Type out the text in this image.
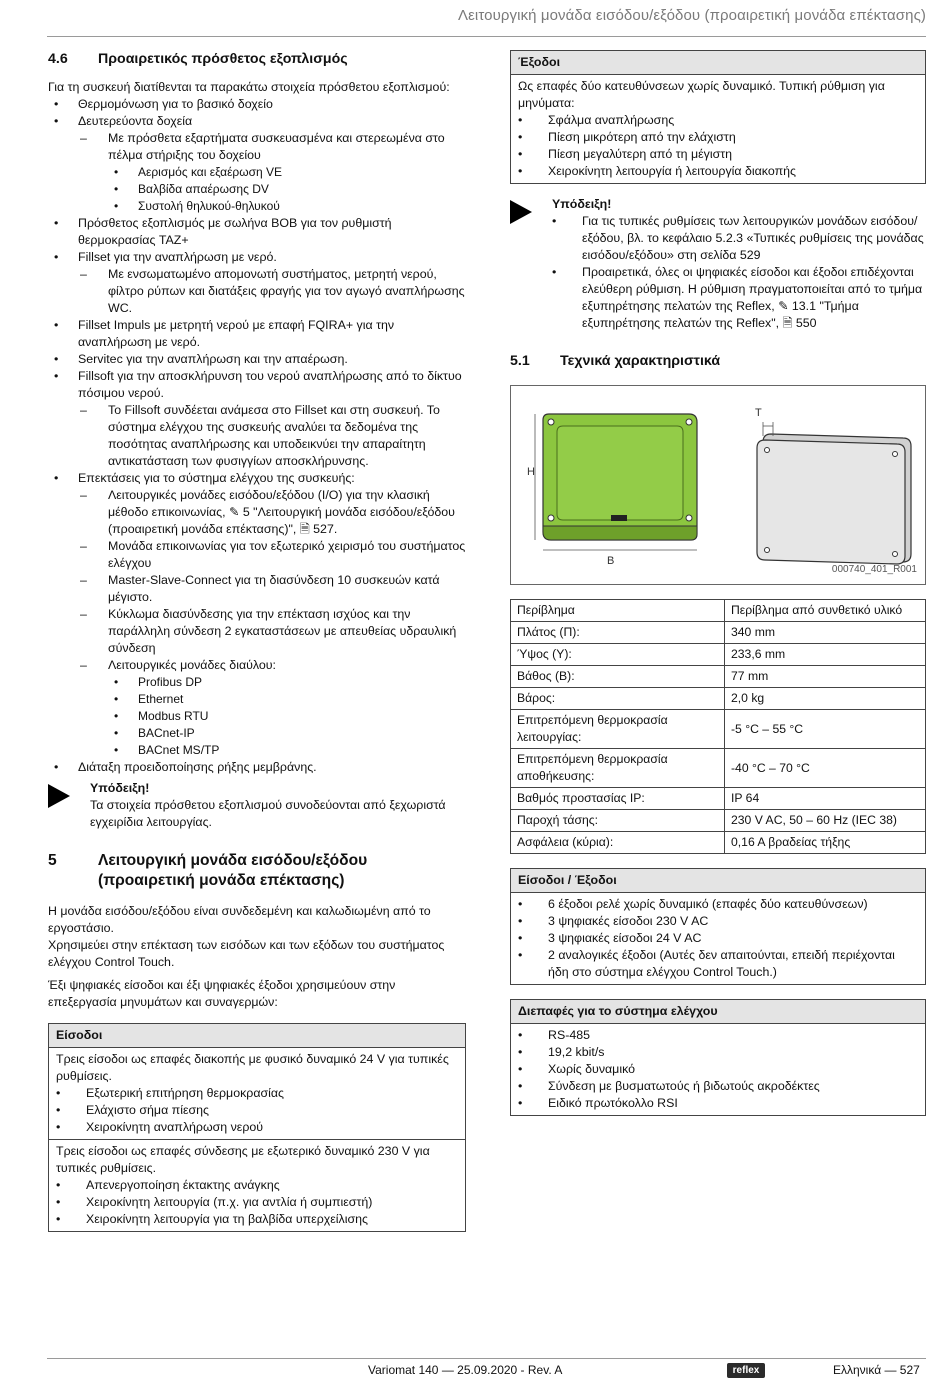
Λειτουργική μονάδα εισόδου/εξόδου (προαιρετική μονάδα επέκτασης)
4.6	Προαιρετικός πρόσθετος εξοπλισμός

Για τη συσκευή διατίθενται τα παρακάτω στοιχεία πρόσθετου εξοπλισμού:

• Θερμομόνωση για το βασικό δοχείο
• Δευτερεύοντα δοχεία
– Με πρόσθετα εξαρτήματα συσκευασμένα και στερεωμένα στο πέλμα στήριξης του δοχείου
• Αερισμός και εξαέρωση VE
• Βαλβίδα απαέρωσης DV
• Συστολή θηλυκού-θηλυκού
• Πρόσθετος εξοπλισμός με σωλήνα BOB για τον ρυθμιστή θερμοκρασίας TAZ+
• Fillset για την αναπλήρωση με νερό.
– Με ενσωματωμένο απομονωτή συστήματος, μετρητή νερού, φίλτρο ρύπων και διατάξεις φραγής για τον αγωγό αναπλήρωσης WC.
• Fillset Impuls με μετρητή νερού με επαφή FQIRA+ για την αναπλήρωση με νερό.
• Servitec για την αναπλήρωση και την απαέρωση.
• Fillsoft για την αποσκλήρυνση του νερού αναπλήρωσης από το δίκτυο πόσιμου νερού.
– Το Fillsoft συνδέεται ανάμεσα στο Fillset και στη συσκευή. Το σύστημα ελέγχου της συσκευής αναλύει τα δεδομένα της ποσότητας αναπλήρωσης και υποδεικνύει την απαραίτητη αντικατάσταση των φυσιγγίων αποσκλήρυνσης.
• Επεκτάσεις για το σύστημα ελέγχου της συσκευής:
– Λειτουργικές μονάδες εισόδου/εξόδου (I/O) για την κλασική μέθοδο επικοινωνίας, ✎ 5 "Λειτουργική μονάδα εισόδου/εξόδου (προαιρετική μονάδα επέκτασης)", 🗎 527.
– Μονάδα επικοινωνίας για τον εξωτερικό χειρισμό του συστήματος ελέγχου
– Master-Slave-Connect για τη διασύνδεση 10 συσκευών κατά μέγιστο.
– Κύκλωμα διασύνδεσης για την επέκταση ισχύος και την παράλληλη σύνδεση 2 εγκαταστάσεων με απευθείας υδραυλική σύνδεση
– Λειτουργικές μονάδες διαύλου:
• Profibus DP
• Ethernet
• Modbus RTU
• BACnet-IP
• BACnet MS/TP
• Διάταξη προειδοποίησης ρήξης μεμβράνης.
Υπόδειξη!
Τα στοιχεία πρόσθετου εξοπλισμού συνοδεύονται από ξεχωριστά εγχειρίδια λειτουργίας.
5	Λειτουργική μονάδα εισόδου/εξόδου (προαιρετική μονάδα επέκτασης)

Η μονάδα εισόδου/εξόδου είναι συνδεδεμένη και καλωδιωμένη από το εργοστάσιο.

Χρησιμεύει στην επέκταση των εισόδων και των εξόδων του συστήματος ελέγχου Control Touch.

Έξι ψηφιακές είσοδοι και έξι ψηφιακές έξοδοι χρησιμεύουν στην επεξεργασία μηνυμάτων και συναγερμών:

Είσοδοι
Τρεις είσοδοι ως επαφές διακοπής με φυσικό δυναμικό 24 V για τυπικές ρυθμίσεις.
• Εξωτερική επιτήρηση θερμοκρασίας
• Ελάχιστο σήμα πίεσης
• Χειροκίνητη αναπλήρωση νερού
Τρεις είσοδοι ως επαφές σύνδεσης με εξωτερικό δυναμικό 230 V για τυπικές ρυθμίσεις.
• Απενεργοποίηση έκτακτης ανάγκης
• Χειροκίνητη λειτουργία (π.χ. για αντλία ή συμπιεστή)
• Χειροκίνητη λειτουργία για τη βαλβίδα υπερχείλισης
Έξοδοι
Ως επαφές δύο κατευθύνσεων χωρίς δυναμικό. Τυπική ρύθμιση για μηνύματα:
• Σφάλμα αναπλήρωσης
• Πίεση μικρότερη από την ελάχιστη
• Πίεση μεγαλύτερη από τη μέγιστη
• Χειροκίνητη λειτουργία ή λειτουργία διακοπής
Υπόδειξη!
• Για τις τυπικές ρυθμίσεις των λειτουργικών μονάδων εισόδου/εξόδου, βλ. το κεφάλαιο 5.2.3 «Τυπικές ρυθμίσεις της μονάδας εισόδου/εξόδου» στη σελίδα 529
• Προαιρετικά, όλες οι ψηφιακές είσοδοι και έξοδοι επιδέχονται ελεύθερη ρύθμιση. Η ρύθμιση πραγματοποιείται από το τμήμα εξυπηρέτησης πελατών της Reflex, ✎ 13.1 "Τμήμα εξυπηρέτησης πελατών της Reflex", 🗎 550
5.1	Τεχνικά χαρακτηριστικά
H
B
T
000740_401_R001
Περίβλημα	Περίβλημα από συνθετικό υλικό
Πλάτος (Π):	340 mm
Ύψος (Υ):	233,6 mm
Βάθος (Β):	77 mm
Βάρος:	2,0 kg
Επιτρεπόμενη θερμοκρασία λειτουργίας:	-5 °C – 55 °C
Επιτρεπόμενη θερμοκρασία αποθήκευσης:	-40 °C – 70 °C
Βαθμός προστασίας IP:	IP 64
Παροχή τάσης:	230 V AC, 50 – 60 Hz (IEC 38)
Ασφάλεια (κύρια):	0,16 A βραδείας τήξης
Είσοδοι / Έξοδοι
• 6 έξοδοι ρελέ χωρίς δυναμικό (επαφές δύο κατευθύνσεων)
• 3 ψηφιακές είσοδοι 230 V AC
• 3 ψηφιακές είσοδοι 24 V AC
• 2 αναλογικές έξοδοι (Αυτές δεν απαιτούνται, επειδή περιέχονται ήδη στο σύστημα ελέγχου Control Touch.)
Διεπαφές για το σύστημα ελέγχου
• RS-485
• 19,2 kbit/s
• Χωρίς δυναμικό
• Σύνδεση με βυσματωτούς ή βιδωτούς ακροδέκτες
• Ειδικό πρωτόκολλο RSI
Variomat 140 — 25.09.2020 - Rev. A	reflex	Ελληνικά — 527
